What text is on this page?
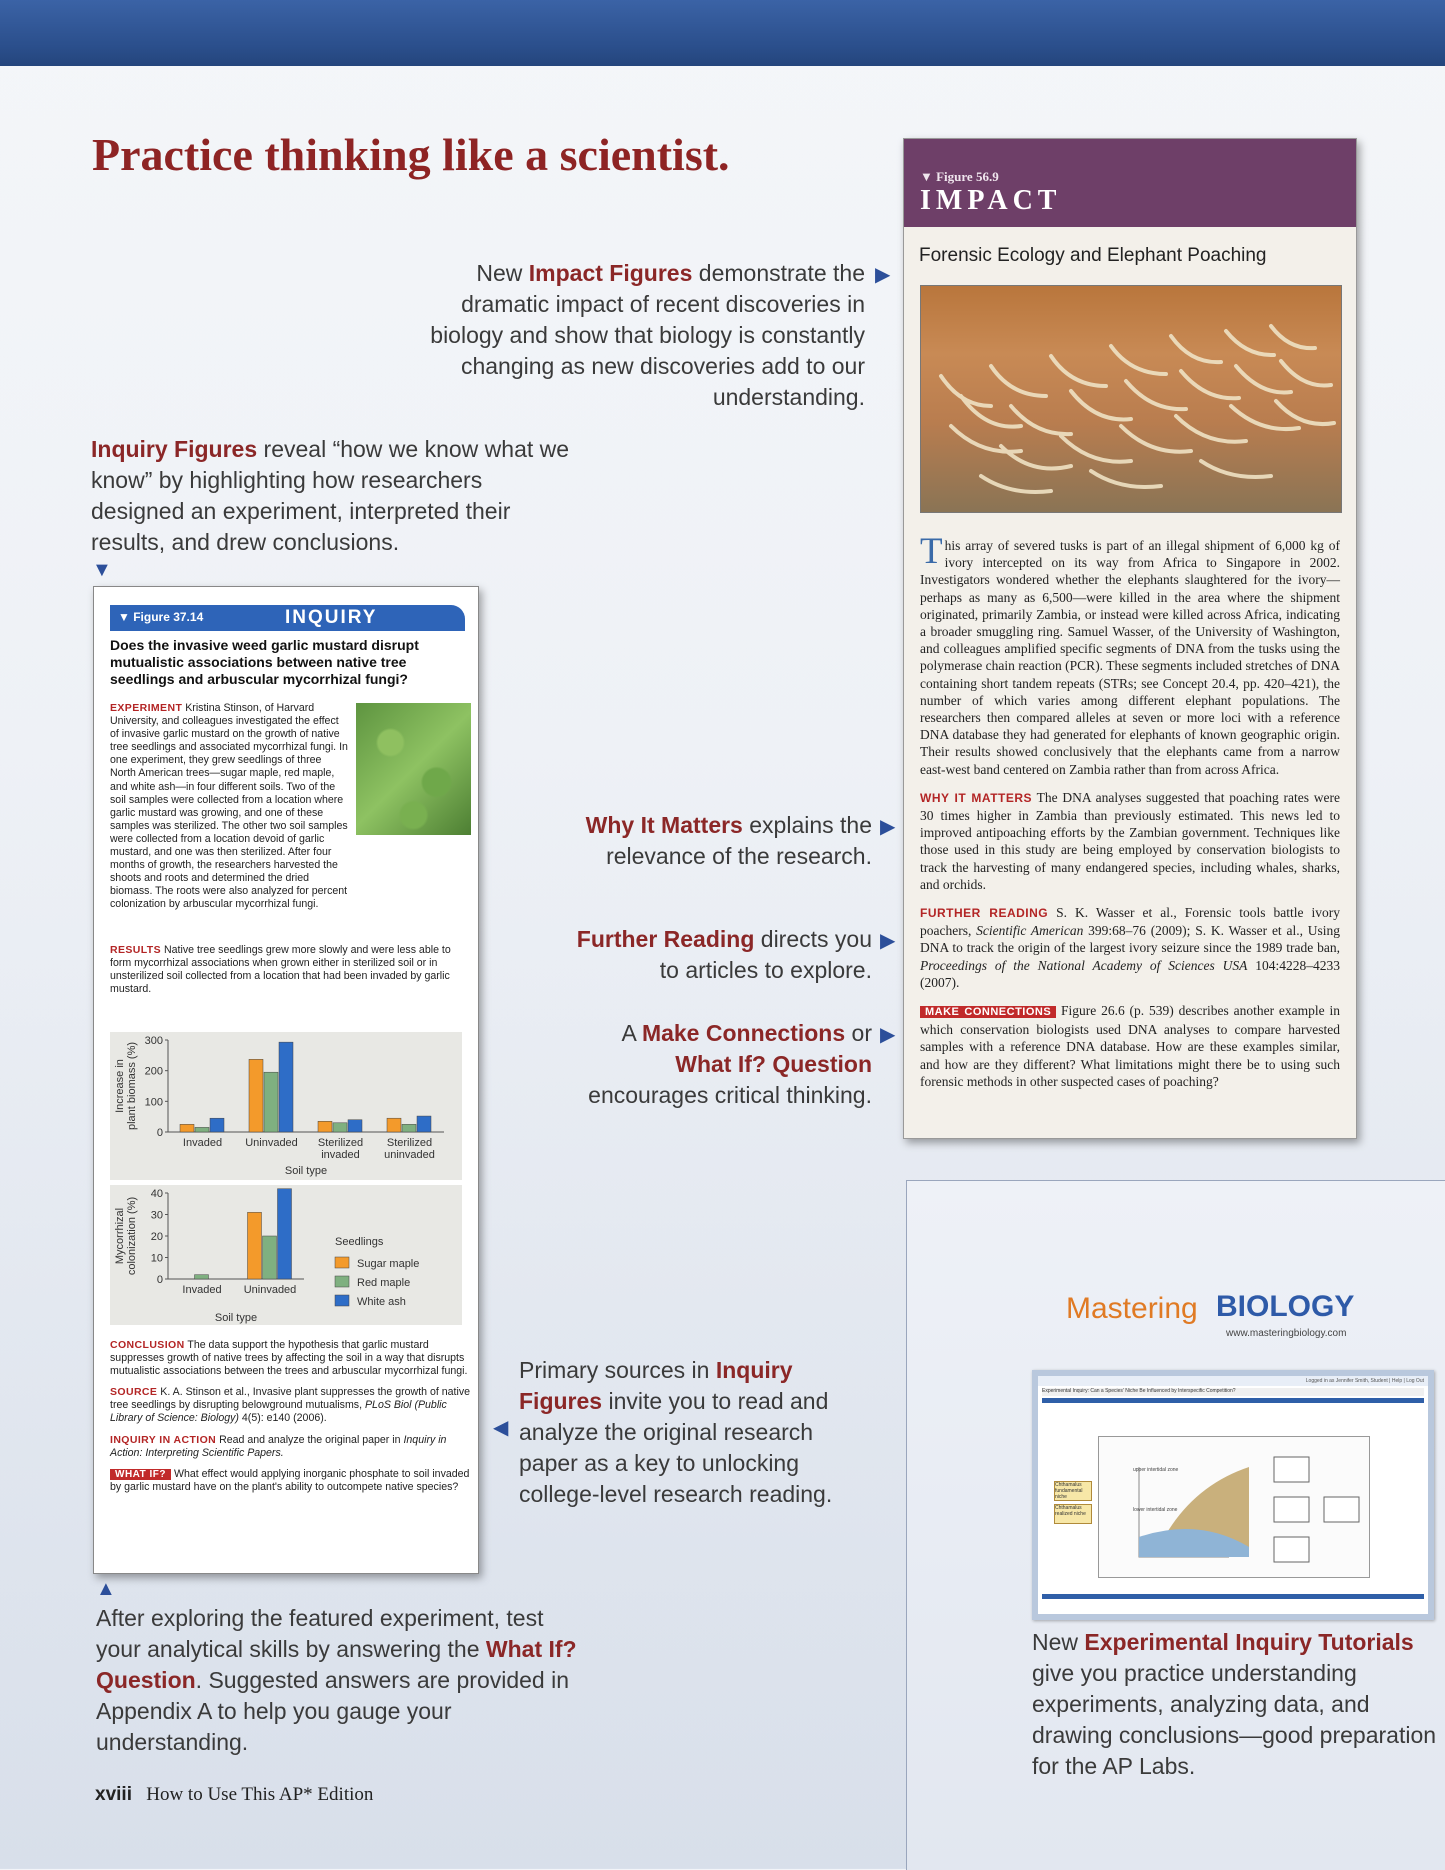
Practice thinking like a scientist.
New Impact Figures demonstrate the dramatic impact of recent discoveries in biology and show that biology is constantly changing as new discoveries add to our understanding.
▶
Inquiry Figures reveal “how we know what we know” by highlighting how researchers designed an experiment, interpreted their results, and drew conclusions.
▼
Why It Matters explains the relevance of the research.
▶
Further Reading directs you to articles to explore.
▶
A Make Connections or
What If? Question
encourages critical thinking.
▶
◀
Primary sources in Inquiry Figures invite you to read and analyze the original research paper as a key to unlocking college-level research reading.
▲
After exploring the featured experiment, test your analytical skills by answering the What If? Question. Suggested answers are provided in Appendix A to help you gauge your understanding.
▼ Figure 56.9
IMPACT
Forensic Ecology and Elephant Poaching

This array of severed tusks is part of an illegal shipment of 6,000 kg of ivory intercepted on its way from Africa to Singapore in 2002. Investigators wondered whether the elephants slaughtered for the ivory—perhaps as many as 6,500—were killed in the area where the shipment originated, primarily Zambia, or instead were killed across Africa, indicating a broader smuggling ring. Samuel Wasser, of the University of Washington, and colleagues amplified specific segments of DNA from the tusks using the polymerase chain reaction (PCR). These segments included stretches of DNA containing short tandem repeats (STRs; see Concept 20.4, pp. 420–421), the number of which varies among different elephant populations. The researchers then compared alleles at seven or more loci with a reference DNA database they had generated for elephants of known geographic origin. Their results showed conclusively that the elephants came from a narrow east-west band centered on Zambia rather than from across Africa.

WHY IT MATTERS The DNA analyses suggested that poaching rates were 30 times higher in Zambia than previously estimated. This news led to improved antipoaching efforts by the Zambian government. Techniques like those used in this study are being employed by conservation biologists to track the harvesting of many endangered species, including whales, sharks, and orchids.

FURTHER READING S. K. Wasser et al., Forensic tools battle ivory poachers, Scientific American 399:68–76 (2009); S. K. Wasser et al., Using DNA to track the origin of the largest ivory seizure since the 1989 trade ban, Proceedings of the National Academy of Sciences USA 104:4228–4233 (2007).

MAKE CONNECTIONS Figure 26.6 (p. 539) describes another example in which conservation biologists used DNA analyses to compare harvested samples with a reference DNA database. How are these examples similar, and how are they different? What limitations might there be to using such forensic methods in other suspected cases of poaching?

▼ Figure 37.14	INQUIRY
Does the invasive weed garlic mustard disrupt mutualistic associations between native tree seedlings and arbuscular mycorrhizal fungi?
EXPERIMENT Kristina Stinson, of Harvard University, and colleagues investigated the effect of invasive garlic mustard on the growth of native tree seedlings and associated mycorrhizal fungi. In one experiment, they grew seedlings of three North American trees—sugar maple, red maple, and white ash—in four different soils. Two of the soil samples were collected from a location where garlic mustard was growing, and one of these samples was sterilized. The other two soil samples were collected from a location devoid of garlic mustard, and one was then sterilized. After four months of growth, the researchers harvested the shoots and roots and determined the dried biomass. The roots were also analyzed for percent colonization by arbuscular mycorrhizal fungi.
RESULTS Native tree seedlings grew more slowly and were less able to form mycorrhizal associations when grown either in sterilized soil or in unsterilized soil collected from a location that had been invaded by garlic mustard.
0
100
200
300
Invaded Uninvaded Sterilized
invaded
Sterilized
uninvaded
Soil type
Increase in plant biomass (%)
0
10
20
30
40
Invaded Uninvaded
Soil type
Mycorrhizal colonization (%)	Seedlings
Sugar maple
Red maple
White ash

CONCLUSION The data support the hypothesis that garlic mustard suppresses growth of native trees by affecting the soil in a way that disrupts mutualistic associations between the trees and arbuscular mycorrhizal fungi.

SOURCE K. A. Stinson et al., Invasive plant suppresses the growth of native tree seedlings by disrupting belowground mutualisms, PLoS Biol (Public Library of Science: Biology) 4(5): e140 (2006).

INQUIRY IN ACTION Read and analyze the original paper in Inquiry in Action: Interpreting Scientific Papers.

WHAT IF? What effect would applying inorganic phosphate to soil invaded by garlic mustard have on the plant's ability to outcompete native species?

Mastering BIOLOGY
www.masteringbiology.com
Logged in as Jennifer Smith, Student | Help | Log Out
Experimental Inquiry: Can a Species' Niche Be Influenced by Interspecific Competition?
upper intertidal zone
lower intertidal zone
Chthamalus fundamental niche
Chthamalus realized niche
New Experimental Inquiry Tutorials give you practice understanding experiments, analyzing data, and drawing conclusions—good preparation for the AP Labs.
xviii How to Use This AP* Edition
